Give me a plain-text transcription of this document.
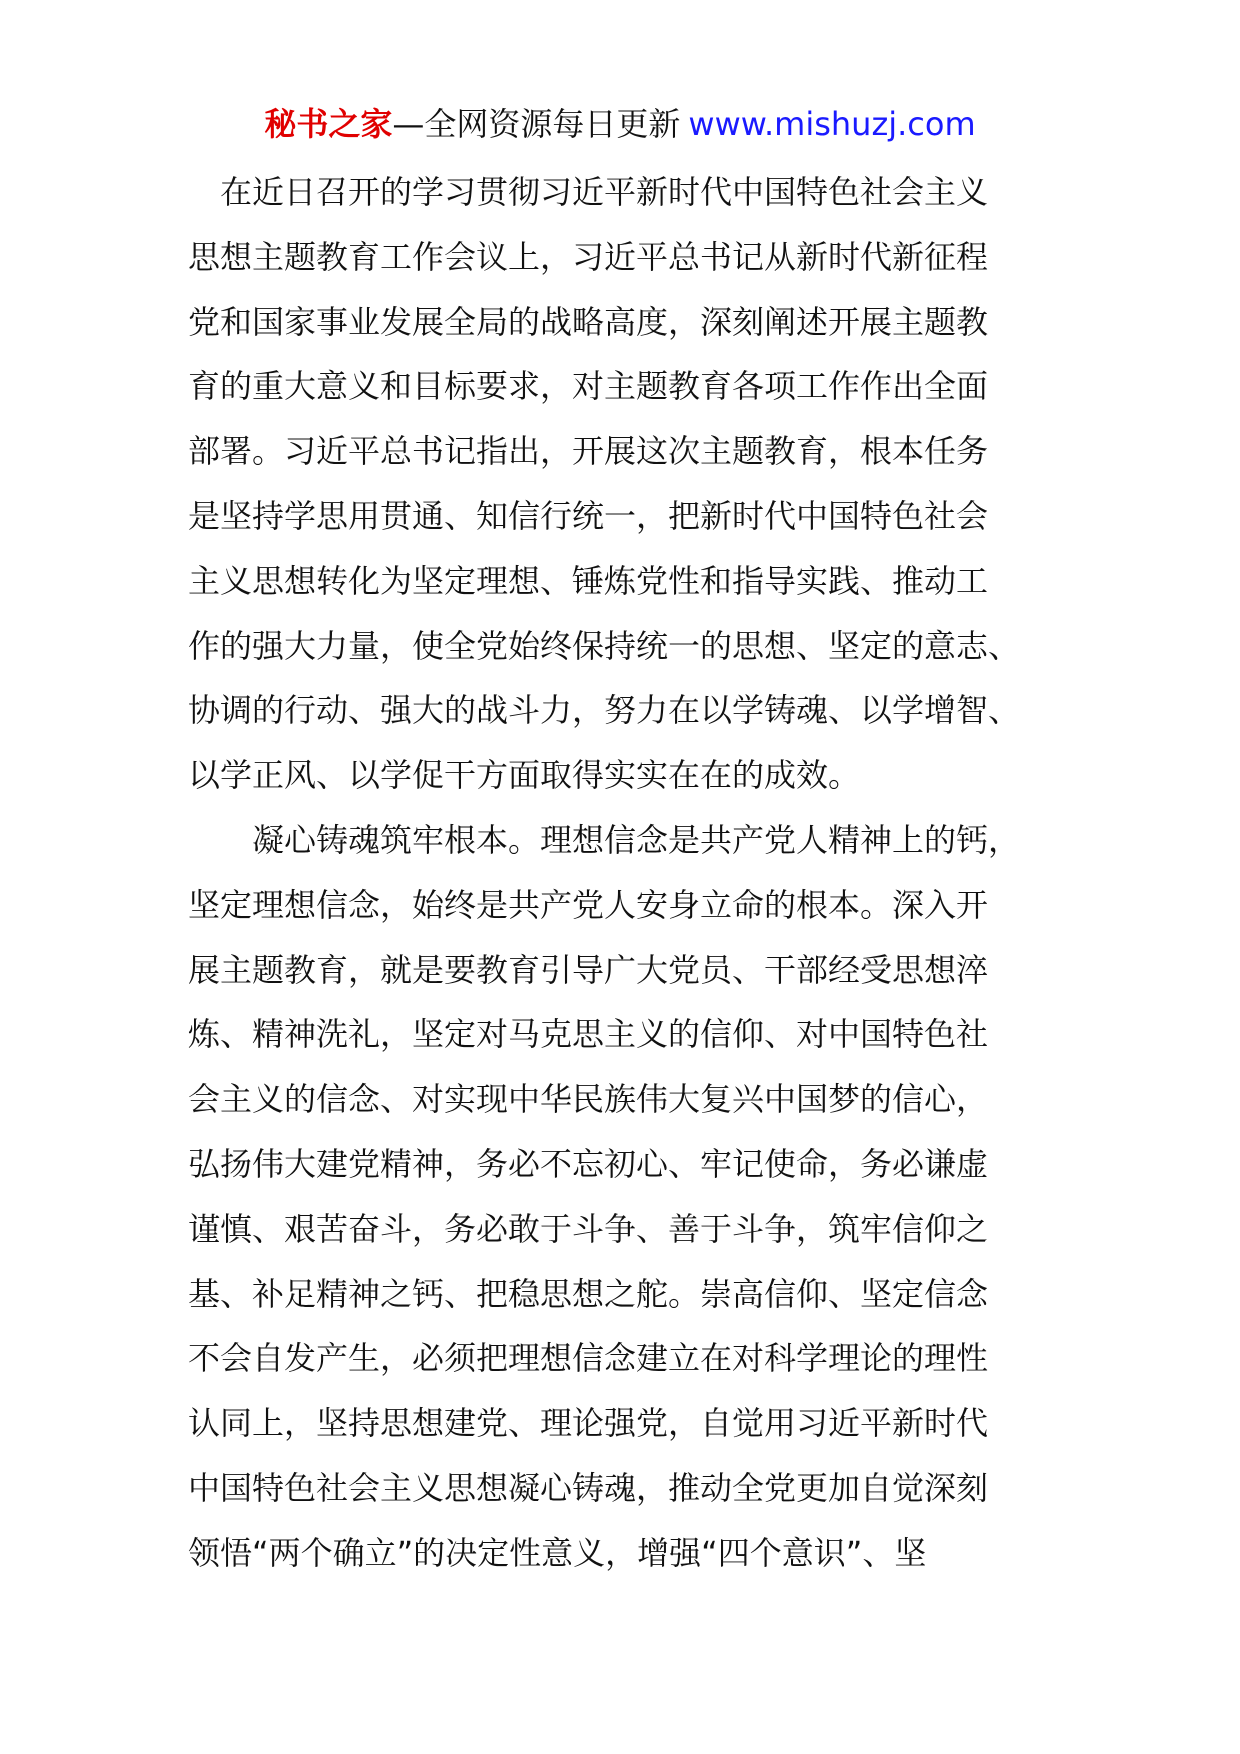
秘书之家—全网资源每日更新 www.mishuzj.com
在近日召开的学习贯彻习近平新时代中国特色社会主义
思想主题教育工作会议上，习近平总书记从新时代新征程
党和国家事业发展全局的战略高度，深刻阐述开展主题教
育的重大意义和目标要求，对主题教育各项工作作出全面
部署。习近平总书记指出，开展这次主题教育，根本任务
是坚持学思用贯通、知信行统一，把新时代中国特色社会
主义思想转化为坚定理想、锤炼党性和指导实践、推动工
作的强大力量，使全党始终保持统一的思想、坚定的意志、
协调的行动、强大的战斗力，努力在以学铸魂、以学增智、
以学正风、以学促干方面取得实实在在的成效。
凝心铸魂筑牢根本。理想信念是共产党人精神上的钙，
坚定理想信念，始终是共产党人安身立命的根本。深入开
展主题教育，就是要教育引导广大党员、干部经受思想淬
炼、精神洗礼，坚定对马克思主义的信仰、对中国特色社
会主义的信念、对实现中华民族伟大复兴中国梦的信心，
弘扬伟大建党精神，务必不忘初心、牢记使命，务必谦虚
谨慎、艰苦奋斗，务必敢于斗争、善于斗争，筑牢信仰之
基、补足精神之钙、把稳思想之舵。崇高信仰、坚定信念
不会自发产生，必须把理想信念建立在对科学理论的理性
认同上，坚持思想建党、理论强党，自觉用习近平新时代
中国特色社会主义思想凝心铸魂，推动全党更加自觉深刻
领悟“两个确立”的决定性意义，增强“四个意识”、坚
